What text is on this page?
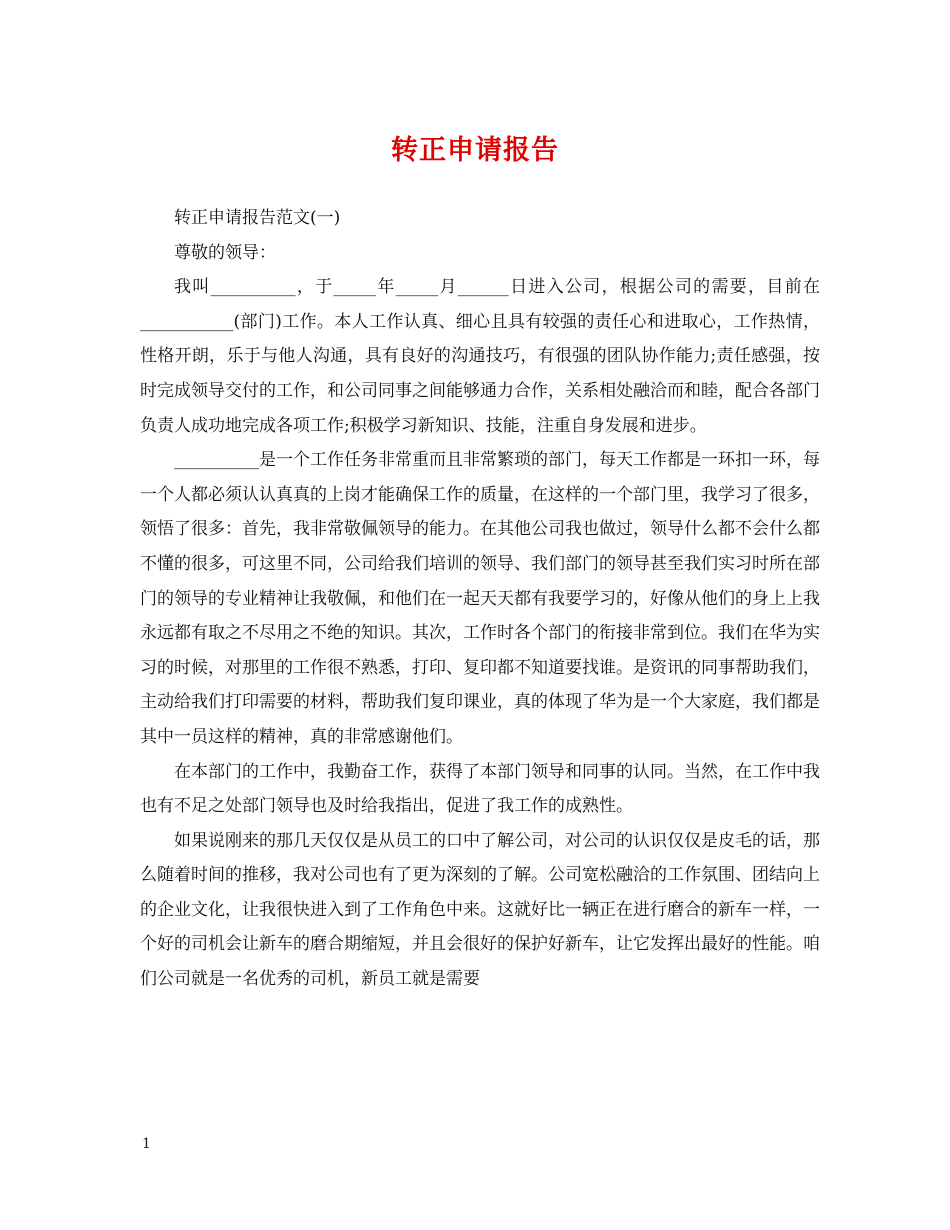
转正申请报告

转正申请报告范文(一)

尊敬的领导：

我叫__________，于_____年_____月______日进入公司，根据公司的需要，目前在___________(部门)工作。本人工作认真、细心且具有较强的责任心和进取心，工作热情，性格开朗，乐于与他人沟通，具有良好的沟通技巧，有很强的团队协作能力;责任感强，按时完成领导交付的工作，和公司同事之间能够通力合作，关系相处融洽而和睦，配合各部门负责人成功地完成各项工作;积极学习新知识、技能，注重自身发展和进步。

__________是一个工作任务非常重而且非常繁琐的部门，每天工作都是一环扣一环，每一个人都必须认认真真的上岗才能确保工作的质量，在这样的一个部门里，我学习了很多，领悟了很多：首先，我非常敬佩领导的能力。在其他公司我也做过，领导什么都不会什么都不懂的很多，可这里不同，公司给我们培训的领导、我们部门的领导甚至我们实习时所在部门的领导的专业精神让我敬佩，和他们在一起天天都有我要学习的，好像从他们的身上上我永远都有取之不尽用之不绝的知识。其次，工作时各个部门的衔接非常到位。我们在华为实习的时候，对那里的工作很不熟悉，打印、复印都不知道要找谁。是资讯的同事帮助我们，主动给我们打印需要的材料，帮助我们复印课业，真的体现了华为是一个大家庭，我们都是其中一员这样的精神，真的非常感谢他们。

在本部门的工作中，我勤奋工作，获得了本部门领导和同事的认同。当然，在工作中我也有不足之处部门领导也及时给我指出，促进了我工作的成熟性。

如果说刚来的那几天仅仅是从员工的口中了解公司，对公司的认识仅仅是皮毛的话，那么随着时间的推移，我对公司也有了更为深刻的了解。公司宽松融洽的工作氛围、团结向上的企业文化，让我很快进入到了工作角色中来。这就好比一辆正在进行磨合的新车一样，一个好的司机会让新车的磨合期缩短，并且会很好的保护好新车，让它发挥出最好的性能。咱们公司就是一名优秀的司机，新员工就是需要

1
